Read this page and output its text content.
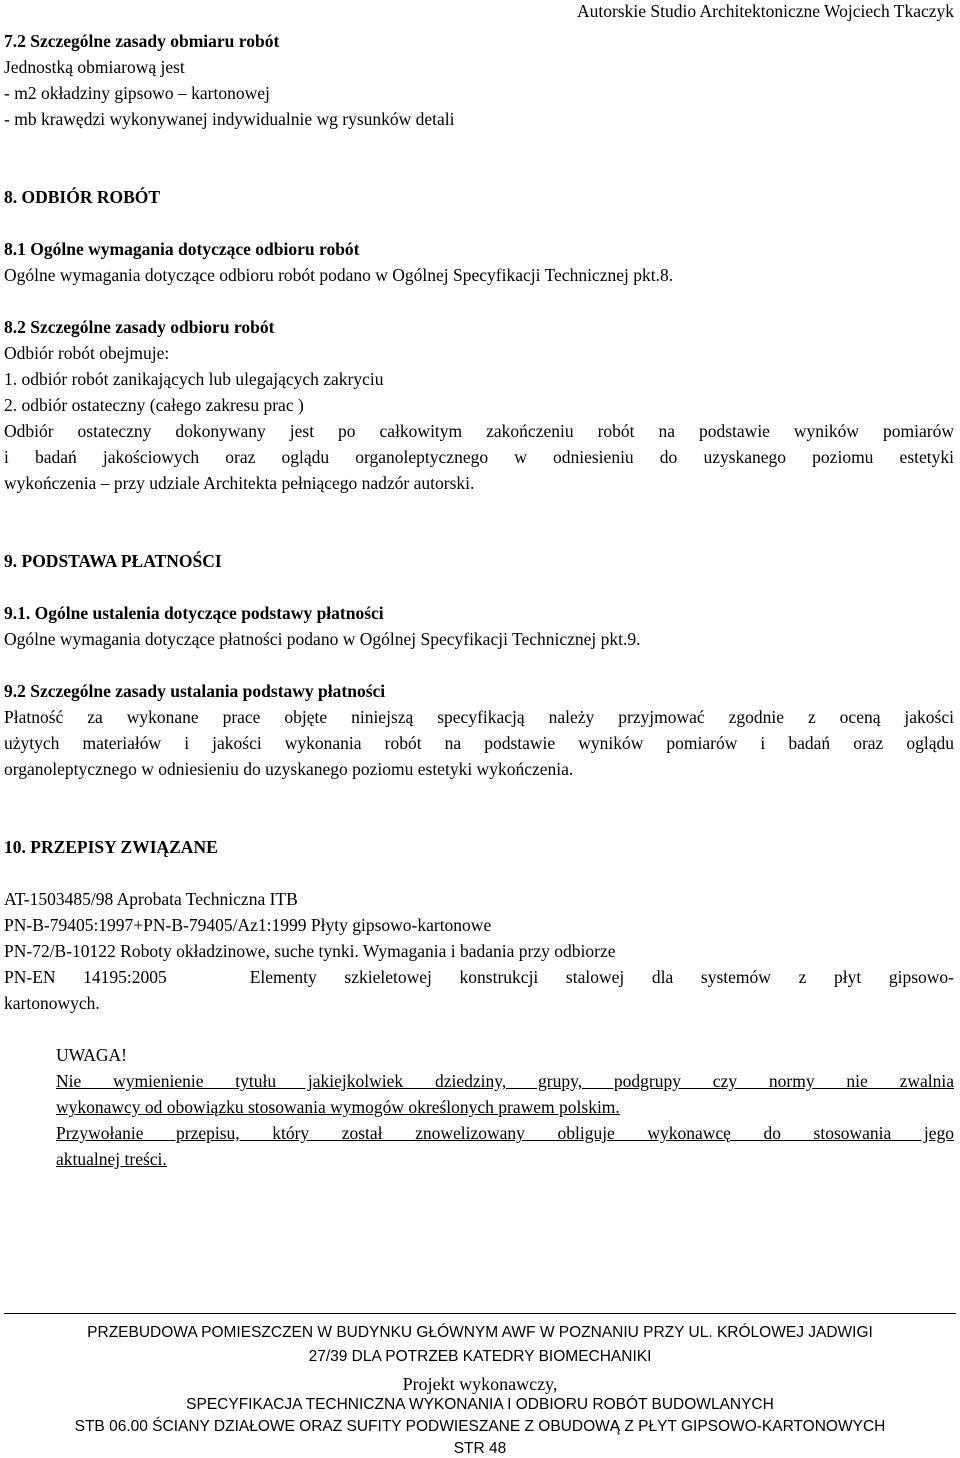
Autorskie Studio Architektoniczne Wojciech Tkaczyk
7.2 Szczególne zasady obmiaru robót
Jednostką obmiarową jest
- m2 okładziny gipsowo – kartonowej
- mb krawędzi wykonywanej indywidualnie wg rysunków detali
8. ODBIÓR ROBÓT
8.1 Ogólne wymagania dotyczące odbioru robót
Ogólne wymagania dotyczące odbioru robót podano w Ogólnej Specyfikacji Technicznej pkt.8.
8.2 Szczególne zasady odbioru robót
Odbiór robót obejmuje:
1. odbiór robót zanikających lub ulegających zakryciu
2. odbiór ostateczny (całego zakresu prac )
Odbiór ostateczny dokonywany jest po całkowitym zakończeniu robót na podstawie wyników pomiarów
i badań jakościowych oraz oglądu organoleptycznego w odniesieniu do uzyskanego poziomu estetyki
wykończenia – przy udziale Architekta pełniącego nadzór autorski.
9. PODSTAWA PŁATNOŚCI
9.1. Ogólne ustalenia dotyczące podstawy płatności
Ogólne wymagania dotyczące płatności podano w Ogólnej Specyfikacji Technicznej pkt.9.
9.2 Szczególne zasady ustalania podstawy płatności
Płatność za wykonane prace objęte niniejszą specyfikacją należy przyjmować zgodnie z oceną jakości
użytych materiałów i jakości wykonania robót na podstawie wyników pomiarów i badań oraz oglądu
organoleptycznego w odniesieniu do uzyskanego poziomu estetyki wykończenia.
10. PRZEPISY ZWIĄZANE
AT-1503485/98 Aprobata Techniczna ITB
PN-B-79405:1997+PN-B-79405/Az1:1999 Płyty gipsowo-kartonowe
PN-72/B-10122 Roboty okładzinowe, suche tynki. Wymagania i badania przy odbiorze
PN-EN 14195:2005   Elementy szkieletowej konstrukcji stalowej dla systemów z płyt gipsowo-
kartonowych.
UWAGA!
Nie wymienienie tytułu jakiejkolwiek dziedziny, grupy, podgrupy czy normy nie zwalnia
wykonawcy od obowiązku stosowania wymogów określonych prawem polskim.
Przywołanie przepisu, który został znowelizowany obliguje wykonawcę do stosowania jego
aktualnej treści.
PRZEBUDOWA POMIESZCZEN W BUDYNKU GŁÓWNYM AWF W POZNANIU PRZY UL. KRÓLOWEJ JADWIGI
27/39 DLA POTRZEB KATEDRY BIOMECHANIKI
Projekt wykonawczy,
SPECYFIKACJA TECHNICZNA WYKONANIA I ODBIORU ROBÓT BUDOWLANYCH
STB 06.00 ŚCIANY DZIAŁOWE ORAZ SUFITY PODWIESZANE Z OBUDOWĄ Z PŁYT GIPSOWO-KARTONOWYCH
STR 48
